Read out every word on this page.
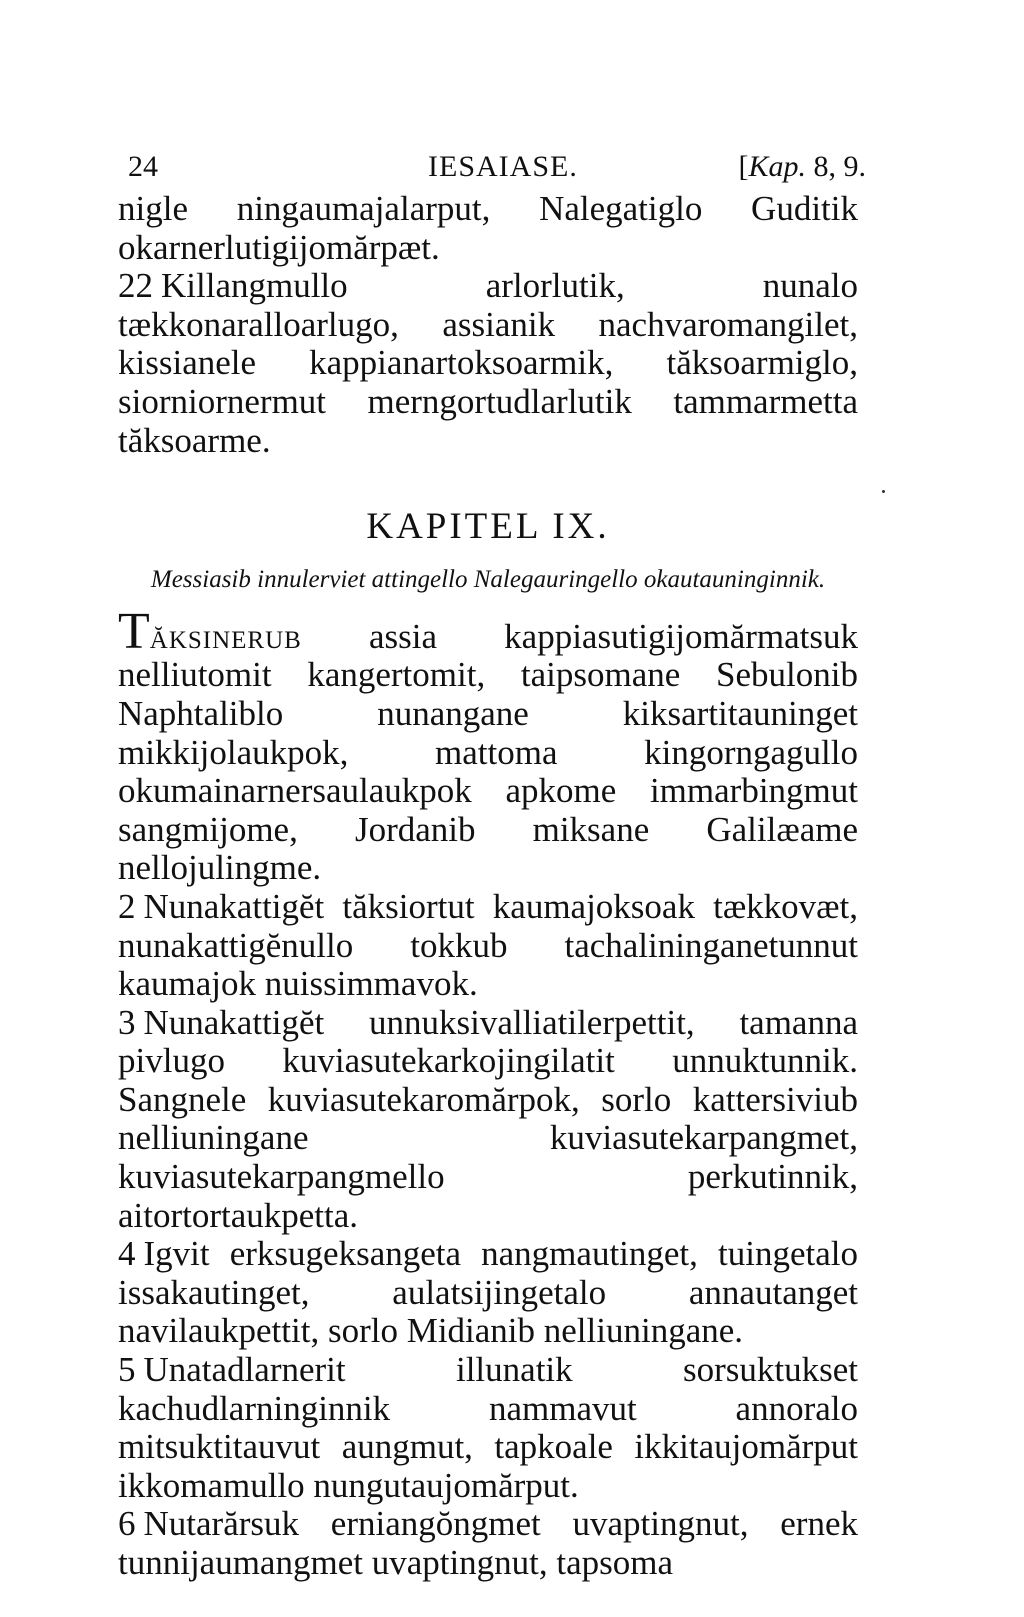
24	IESAIASE.	[Kap. 8, 9.

nigle ningaumajalarput, Nalegatiglo Guditik okarnerlutigijomărpæt.

22 Killangmullo arlorlutik, nunalo tækkonaralloarlugo, assianik nachvaromangilet, kissianele kappianartoksoarmik, tăksoarmiglo, siorniornermut merngortudlarlutik tammarmetta tăksoarme.

KAPITEL IX.
Messiasib innulerviet attingello Nalegauringello okautauninginnik.

Tăksinerub assia kappiasutigijomărmatsuk nelliutomit kangertomit, taipsomane Sebulonib Naphtaliblo nunangane kiksartitauninget mikkijolaukpok, mattoma kingorngagullo okumainarnersaulaukpok apkome immarbingmut sangmijome, Jordanib miksane Galilæame nellojulingme.

2 Nunakattigĕt tăksiortut kaumajoksoak tækkovæt, nunakattigĕnullo tokkub tachalininganetunnut kaumajok nuissimmavok.

3 Nunakattigĕt unnuksivalliatilerpettit, tamanna pivlugo kuviasutekarkojingilatit unnuktunnik. Sangnele kuviasutekaromărpok, sorlo kattersiviub nelliuningane kuviasutekarpangmet, kuviasutekarpangmello perkutinnik, aitortortaukpetta.

4 Igvit erksugeksangeta nangmautinget, tuingetalo issakautinget, aulatsijingetalo annautanget navilaukpettit, sorlo Midianib nelliuningane.

5 Unatadlarnerit illunatik sorsuktukset kachudlarninginnik nammavut annoralo mitsuktitauvut aungmut, tapkoale ikkitaujomărput ikkomamullo nungutaujomărput.

6 Nutarărsuk erniangŏngmet uvaptingnut, ernek tunnijaumangmet uvaptingnut, tapsoma
